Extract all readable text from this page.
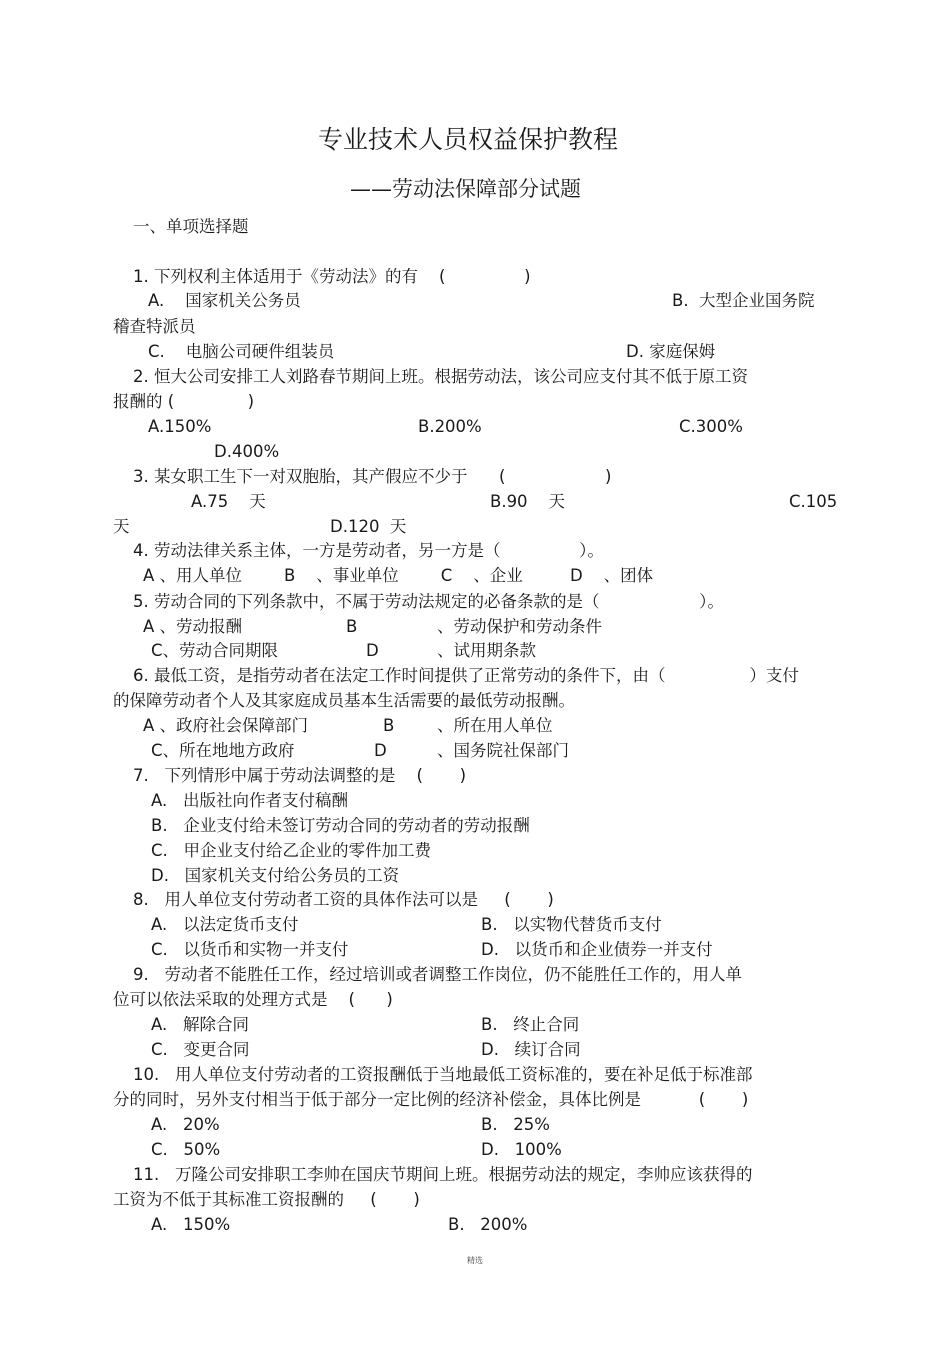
专业技术人员权益保护教程
——劳动法保障部分试题
一、单项选择题
1. 下列权利主体适用于《劳动法》的有    (               )
A.    国家机关公务员	B.  大型企业国务院
稽查特派员
C.    电脑公司硬件组装员	D. 家庭保姆
2. 恒大公司安排工人刘路春节期间上班。根据劳动法，该公司应支付其不低于原工资
报酬的 (              )
A.150%	B.200%	C.300%
D.400%
3. 某女职工生下一对双胞胎，其产假应不少于      (                   )
A.75    天	B.90    天	C.105
天	D.120  天
4. 劳动法律关系主体，一方是劳动者，另一方是（               ）。
A 、用人单位        B    、事业单位        C    、企业         D    、团体
5. 劳动合同的下列条款中，不属于劳动法规定的必备条款的是（                   ）。
A 、劳动报酬	B	、劳动保护和劳动条件
C、劳动合同期限	D	、试用期条款
6. 最低工资，是指劳动者在法定工作时间提供了正常劳动的条件下，由（                ）支付
的保障劳动者个人及其家庭成员基本生活需要的最低劳动报酬。
A 、政府社会保障部门	B	、所在用人单位
C、所在地地方政府	D	、国务院社保部门
7.   下列情形中属于劳动法调整的是    (       )
A.   出版社向作者支付稿酬
B.   企业支付给未签订劳动合同的劳动者的劳动报酬
C.   甲企业支付给乙企业的零件加工费
D.   国家机关支付给公务员的工资
8.   用人单位支付劳动者工资的具体作法可以是     (       )
A.   以法定货币支付	B.   以实物代替货币支付
C.   以货币和实物一并支付	D.   以货币和企业债券一并支付
9.   劳动者不能胜任工作，经过培训或者调整工作岗位，仍不能胜任工作的，用人单
位可以依法采取的处理方式是    (      )
A.   解除合同	B.   终止合同
C.   变更合同	D.   续订合同
10.   用人单位支付劳动者的工资报酬低于当地最低工资标准的，要在补足低于标准部
分的同时，另外支付相当于低于部分一定比例的经济补偿金，具体比例是           (       )
A.   20%	B.   25%
C.   50%	D.   100%
11.   万隆公司安排职工李帅在国庆节期间上班。根据劳动法的规定，李帅应该获得的
工资为不低于其标准工资报酬的     (       )
A.   150%	B.   200%
精选
